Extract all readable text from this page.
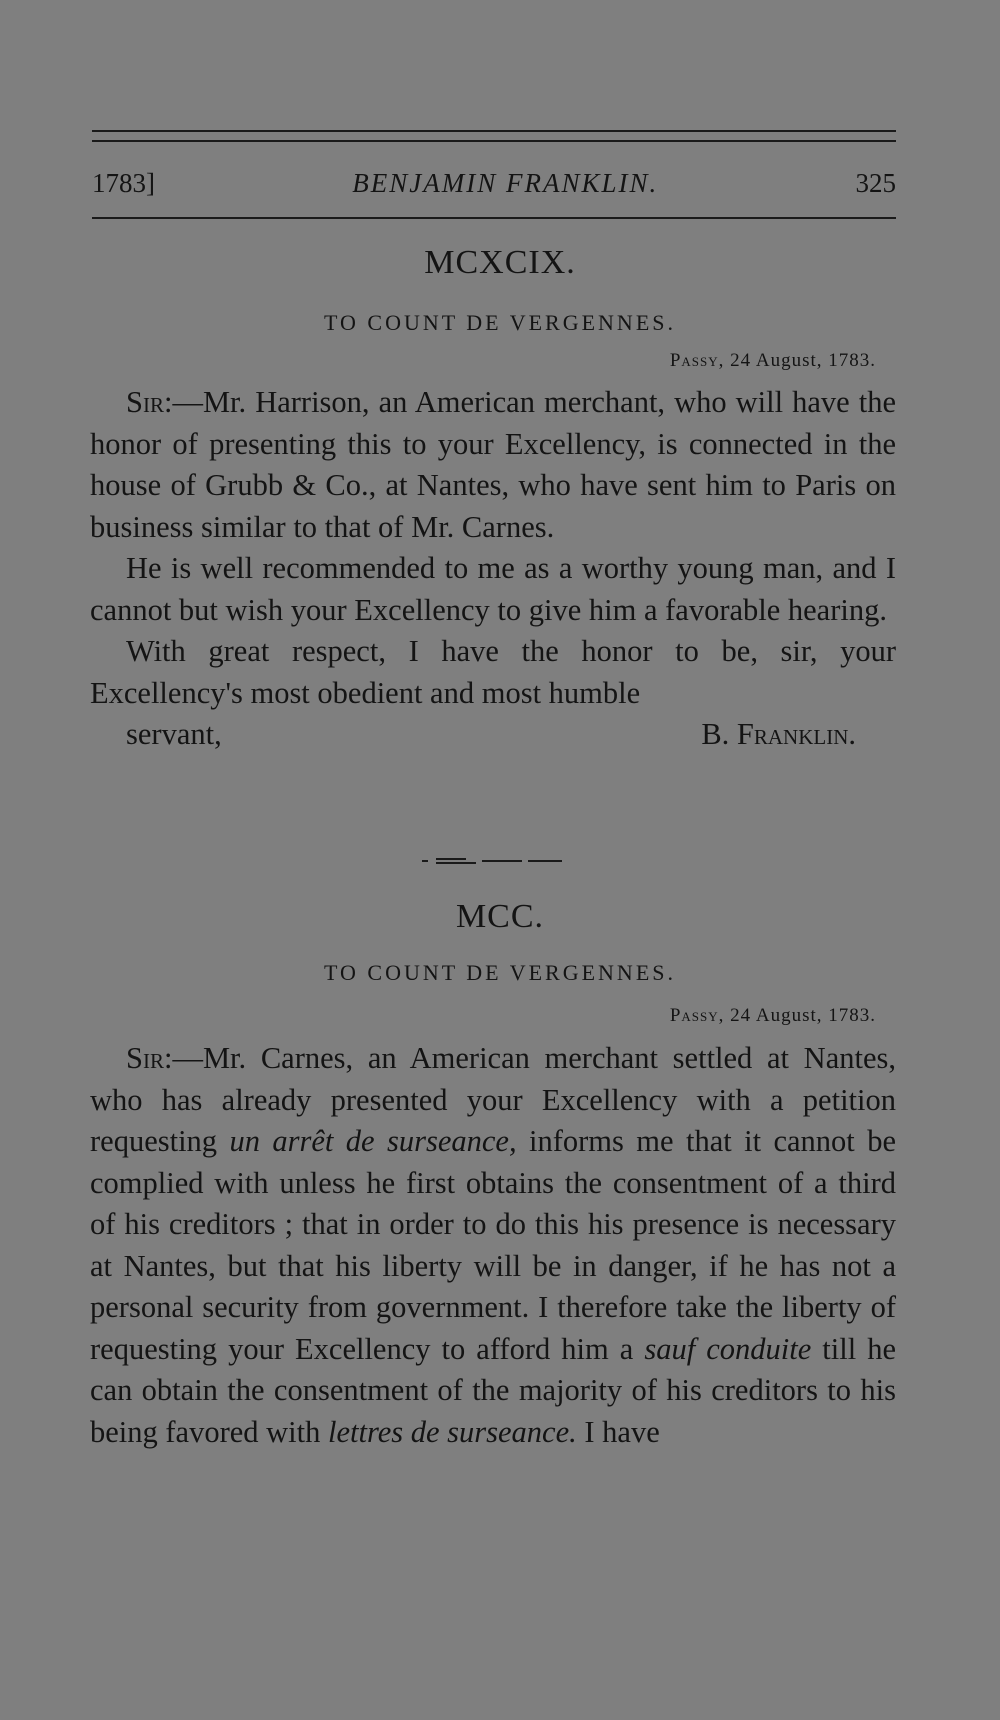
1783]	BENJAMIN FRANKLIN.	325
MCXCIX.
TO COUNT DE VERGENNES.
Passy, 24 August, 1783.

Sir:—Mr. Harrison, an American merchant, who will have the honor of presenting this to your Excellency, is connected in the house of Grubb & Co., at Nantes, who have sent him to Paris on business similar to that of Mr. Carnes.

He is well recommended to me as a worthy young man, and I cannot but wish your Excellency to give him a favorable hearing.

With great respect, I have the honor to be, sir, your Excellency's most obedient and most humble

servant,	B. Franklin.

MCC.
TO COUNT DE VERGENNES.
Passy, 24 August, 1783.

Sir:—Mr. Carnes, an American merchant settled at Nantes, who has already presented your Excellency with a petition requesting un arrêt de surseance, informs me that it cannot be complied with unless he first obtains the consentment of a third of his creditors ; that in order to do this his presence is necessary at Nantes, but that his liberty will be in danger, if he has not a personal security from government. I therefore take the liberty of requesting your Excellency to afford him a sauf conduite till he can obtain the consentment of the majority of his creditors to his being favored with lettres de surseance. I have
